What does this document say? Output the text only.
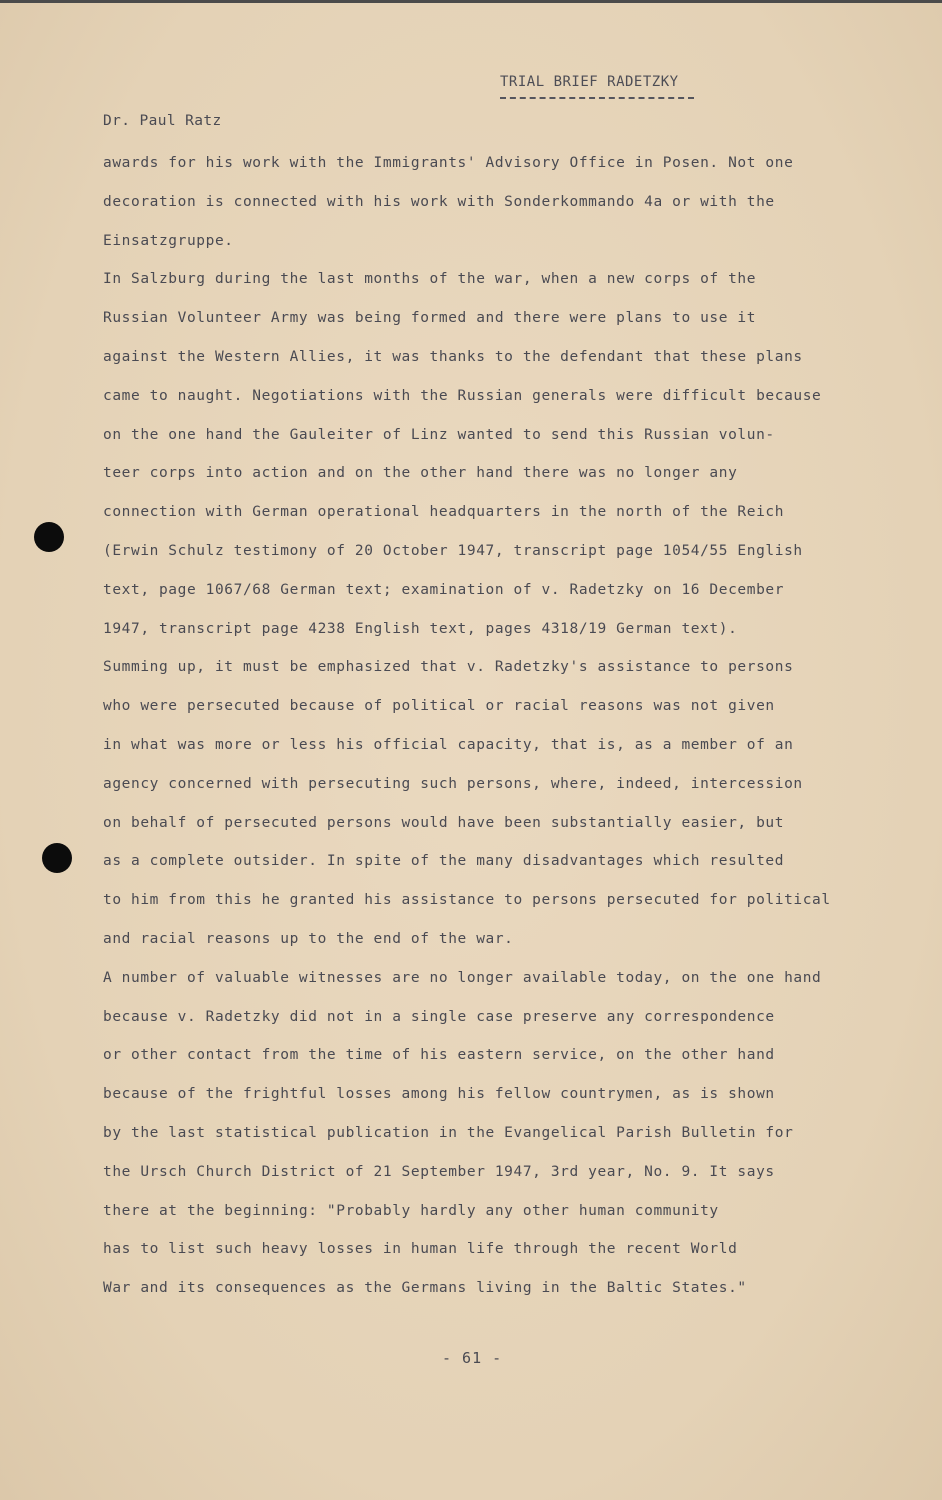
TRIAL BRIEF RADETZKY
Dr. Paul Ratz
awards for his work with the Immigrants' Advisory Office in Posen. Not one
decoration is connected with his work with Sonderkommando 4a or with the
Einsatzgruppe.
In Salzburg during the last months of the war, when a new corps of the
Russian Volunteer Army was being formed and there were plans to use it
against the Western Allies, it was thanks to the defendant that these plans
came to naught. Negotiations with the Russian generals were difficult because
on the one hand the Gauleiter of Linz wanted to send this Russian volun-
teer corps into action and on the other hand there was no longer any
connection with German operational headquarters in the north of the Reich
(Erwin Schulz testimony of 20 October 1947, transcript page 1054/55 English
text, page 1067/68 German text; examination of v. Radetzky on 16 December
1947, transcript page 4238 English text, pages 4318/19 German text).
Summing up, it must be emphasized that v. Radetzky's assistance to persons
who were persecuted because of political or racial reasons was not given
in what was more or less his official capacity, that is, as a member of an
agency concerned with persecuting such persons, where, indeed, intercession
on behalf of persecuted persons would have been substantially easier, but
as a complete outsider. In spite of the many disadvantages which resulted
to him from this he granted his assistance to persons persecuted for political
and racial reasons up to the end of the war.
A number of valuable witnesses are no longer available today, on the one hand
because v. Radetzky did not in a single case preserve any correspondence
or other contact from the time of his eastern service, on the other hand
because of the frightful losses among his fellow countrymen, as is shown
by the last statistical publication in the Evangelical Parish Bulletin for
the Ursch Church District of 21 September 1947, 3rd year, No. 9. It says
there at the beginning: "Probably hardly any other human community
has to list such heavy losses in human life through the recent World
War and its consequences as the Germans living in the Baltic States."
- 61 -
